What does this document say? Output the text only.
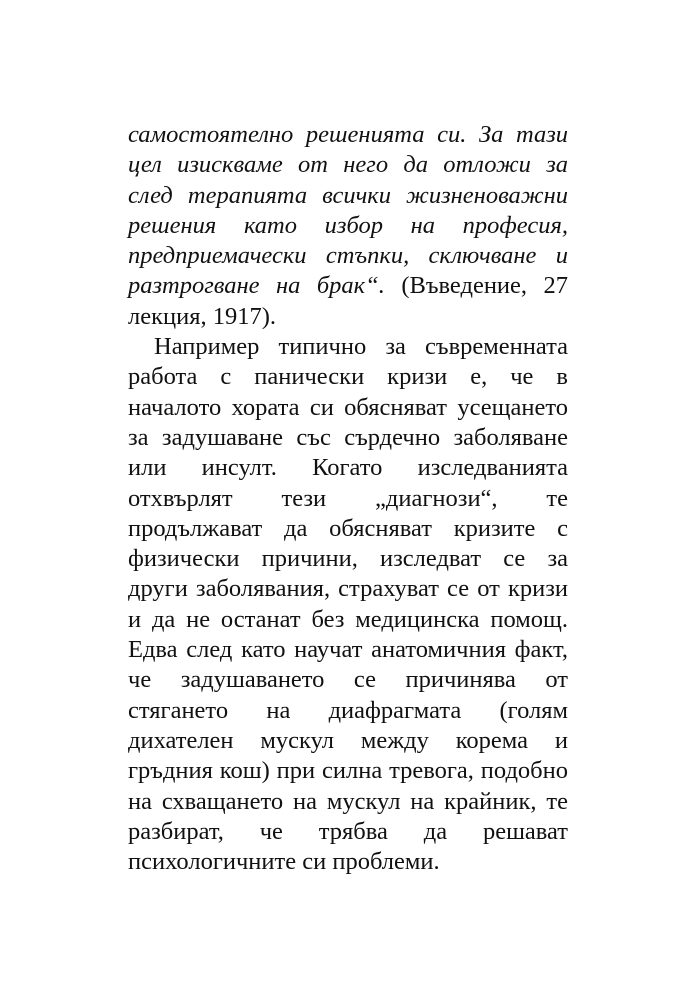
самостоятелно решенията си. За тази
цел изискваме от него да отложи за
след терапията всички жизненоважни
решения като избор на професия,
предприемачески стъпки, сключване и
разтрогване на брак“. (Въведение, 27
лекция, 1917).
Например типично за съвременната
работа с панически кризи е, че в
началото хората си обясняват усещането
за задушаване със сърдечно заболяване
или инсулт. Когато изследванията
отхвърлят тези „диагнози“, те
продължават да обясняват кризите с
физически причини, изследват се за
други заболявания, страхуват се от кризи
и да не останат без медицинска помощ.
Едва след като научат анатомичния факт,
че задушаването се причинява от
стягането на диафрагмата (голям
дихателен мускул между корема и
гръдния кош) при силна тревога, подобно
на схващането на мускул на крайник, те
разбират, че трябва да решават
психологичните си проблеми.
